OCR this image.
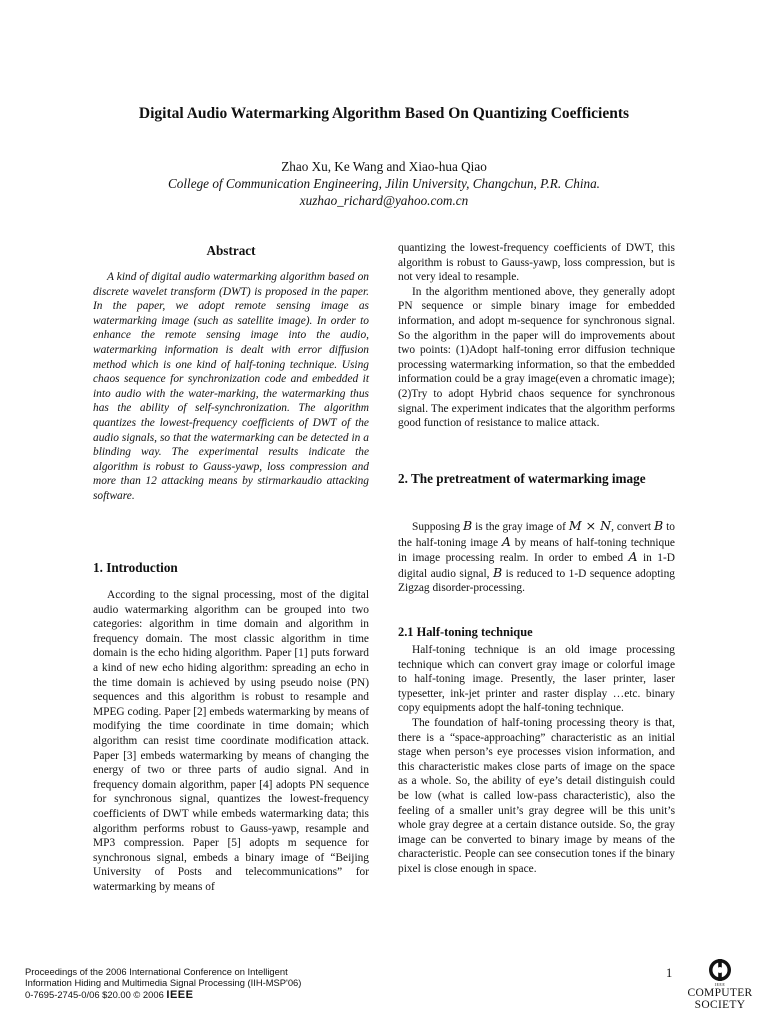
Digital Audio Watermarking Algorithm Based On Quantizing Coefficients
Zhao Xu, Ke Wang and Xiao-hua Qiao
College of Communication Engineering, Jilin University, Changchun, P.R. China.
xuzhao_richard@yahoo.com.cn
Abstract

A kind of digital audio watermarking algorithm based on discrete wavelet transform (DWT) is proposed in the paper. In the paper, we adopt remote sensing image as watermarking image (such as satellite image). In order to enhance the remote sensing image into the audio, watermarking information is dealt with error diffusion method which is one kind of half-toning technique. Using chaos sequence for synchronization code and embedded it into audio with the water-marking, the watermarking thus has the ability of self-synchronization. The algorithm quantizes the lowest-frequency coefficients of DWT of the audio signals, so that the watermarking can be detected in a blinding way. The experimental results indicate the algorithm is robust to Gauss-yawp, loss compression and more than 12 attacking means by stirmarkaudio attacking software.

1. Introduction

According to the signal processing, most of the digital audio watermarking algorithm can be grouped into two categories: algorithm in time domain and algorithm in frequency domain. The most classic algorithm in time domain is the echo hiding algorithm. Paper [1] puts forward a kind of new echo hiding algorithm: spreading an echo in the time domain is achieved by using pseudo noise (PN) sequences and this algorithm is robust to resample and MPEG coding. Paper [2] embeds watermarking by means of modifying the time coordinate in time domain; which algorithm can resist time coordinate modification attack. Paper [3] embeds watermarking by means of changing the energy of two or three parts of audio signal. And in frequency domain algorithm, paper [4] adopts PN sequence for synchronous signal, quantizes the lowest-frequency coefficients of DWT while embeds watermarking data; this algorithm performs robust to Gauss-yawp, resample and MP3 compression. Paper [5] adopts m sequence for synchronous signal, embeds a binary image of “Beijing University of Posts and telecommunications” for watermarking by means of

quantizing the lowest-frequency coefficients of DWT, this algorithm is robust to Gauss-yawp, loss compression, but is not very ideal to resample.

In the algorithm mentioned above, they generally adopt PN sequence or simple binary image for embedded information, and adopt m-sequence for synchronous signal. So the algorithm in the paper will do improvements about two points: (1)Adopt half-toning error diffusion technique processing watermarking information, so that the embedded information could be a gray image(even a chromatic image); (2)Try to adopt Hybrid chaos sequence for synchronous signal. The experiment indicates that the algorithm performs good function of resistance to malice attack.

2. The pretreatment of watermarking image

Supposing B is the gray image of M × N, convert B to the half-toning image A by means of half-toning technique in image processing realm. In order to embed A in 1-D digital audio signal, B is reduced to 1-D sequence adopting Zigzag disorder-processing.

2.1 Half-toning technique

Half-toning technique is an old image processing technique which can convert gray image or colorful image to half-toning image. Presently, the laser printer, laser typesetter, ink-jet printer and raster display …etc. binary copy equipments adopt the half-toning technique.

The foundation of half-toning processing theory is that, there is a “space-approaching” characteristic as an initial stage when person’s eye processes vision information, and this characteristic makes close parts of image on the space as a whole. So, the ability of eye’s detail distinguish could be low (what is called low-pass characteristic), also the feeling of a smaller unit’s gray degree will be this unit’s whole gray degree at a certain distance outside. So, the gray image can be converted to binary image by means of the characteristic. People can see consecution tones if the binary pixel is close enough in space.

Proceedings of the 2006 International Conference on Intelligent
Information Hiding and Multimedia Signal Processing (IIH-MSP'06)
0-7695-2745-0/06 $20.00 © 2006 IEEE
1
IEEE
COMPUTER
SOCIETY
